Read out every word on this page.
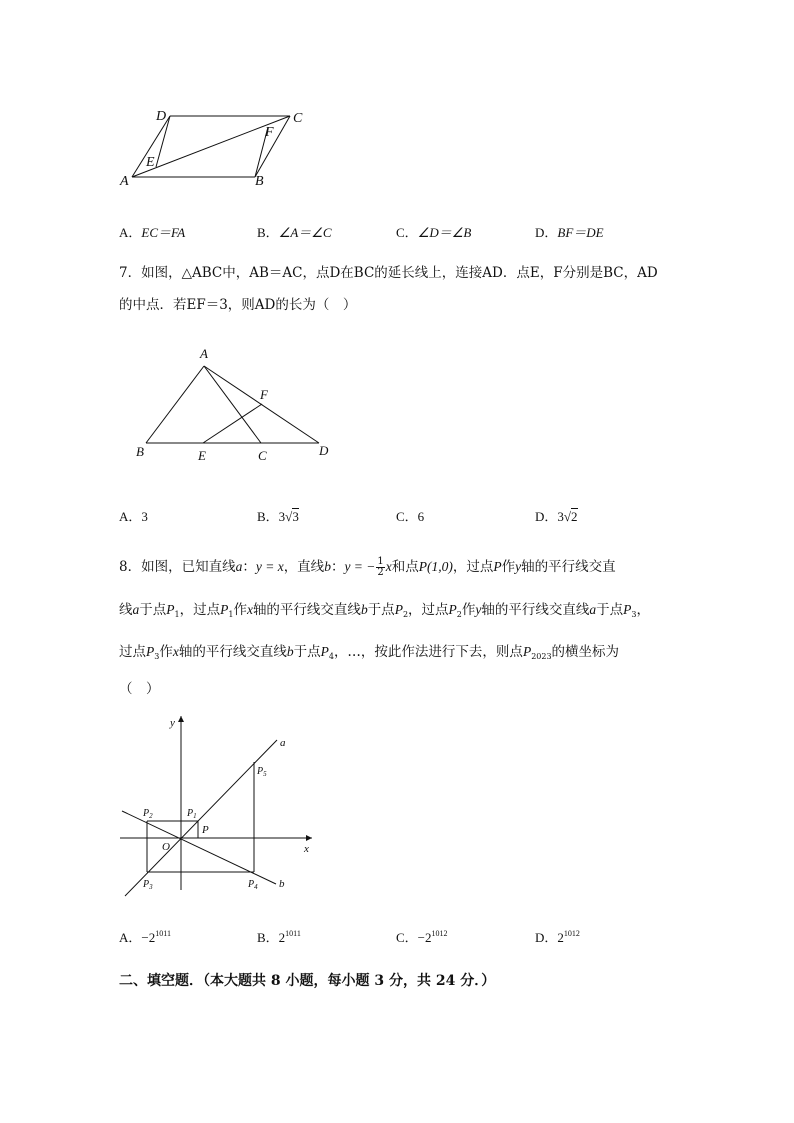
A	B
C
D
E
F
A．EC＝FA	B．∠A＝∠C	C．∠D＝∠B	D．BF＝DE
7．如图，△ABC中，AB＝AC，点D在BC的延长线上，连接AD．点E，F分别是BC，AD
的中点．若EF＝3，则AD的长为（　）
A
B	E	C	D
F
A．3	B．3√3	C．6	D．3√2
8．如图，已知直线a：y = x，直线b：y = − $\frac{1}{2}$ x和点P(1,0)，过点P作y轴的平行线交直
线a于点$P_1$，过点$P_1$作x轴的平行线交直线b于点$P_2$，过点$P_2$作y轴的平行线交直线a于点$P_3$，
过点$P_3$作x轴的平行线交直线b于点$P_4$，…，按此作法进行下去，则点$P_{2023}$的横坐标为
（　）
y
x
a
b
O
P
$P_1$
$P_2$
$P_3$	$P_4$
$P_5$
A．$-2^{1011}$	B．$2^{1011}$	C．$-2^{1012}$	D．$2^{1012}$
二、填空题．（本大题共 8 小题，每小题 3 分，共 24 分．）
